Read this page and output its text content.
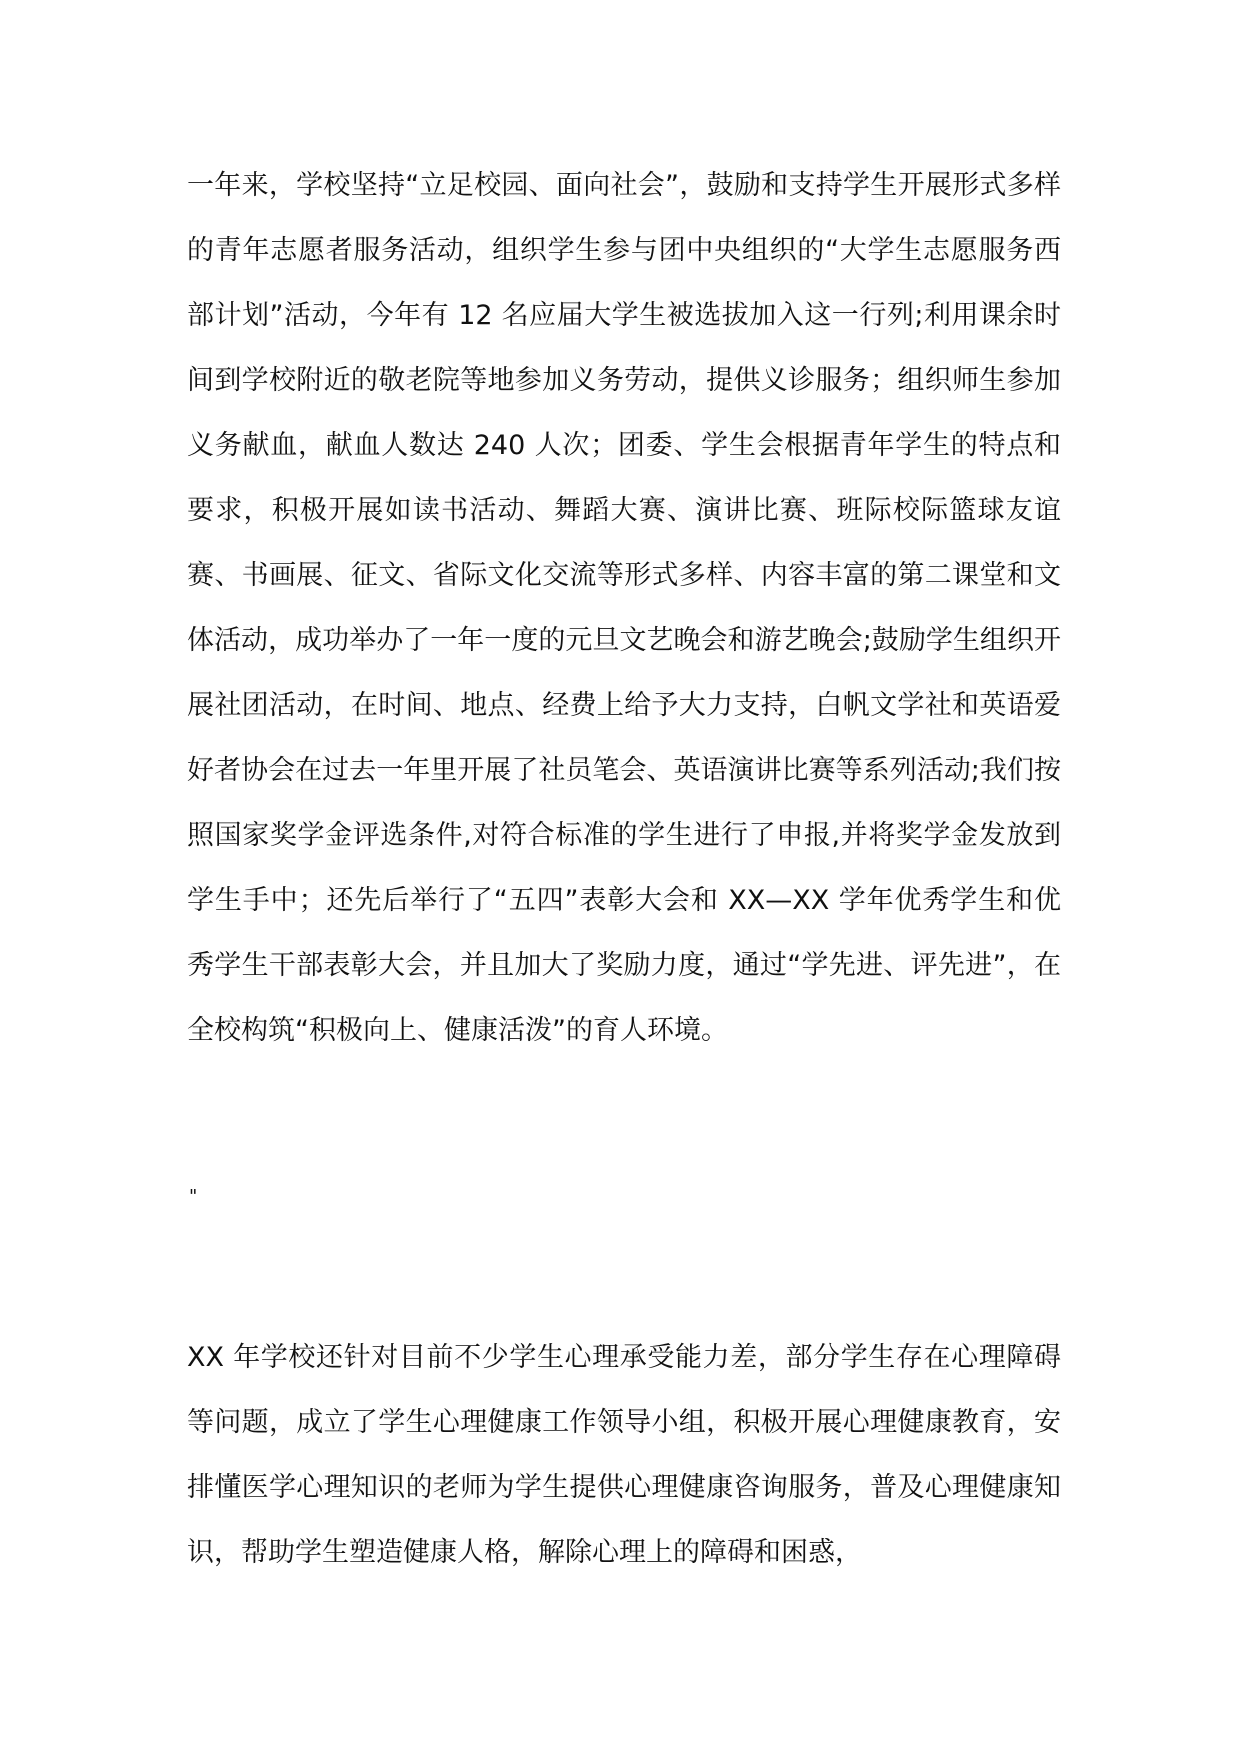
一年来，学校坚持“立足校园、面向社会”，鼓励和支持学生开展形式多样的青年志愿者服务活动，组织学生参与团中央组织的“大学生志愿服务西部计划”活动，今年有 12 名应届大学生被选拔加入这一行列;利用课余时间到学校附近的敬老院等地参加义务劳动，提供义诊服务；组织师生参加义务献血，献血人数达 240 人次；团委、学生会根据青年学生的特点和要求，积极开展如读书活动、舞蹈大赛、演讲比赛、班际校际篮球友谊赛、书画展、征文、省际文化交流等形式多样、内容丰富的第二课堂和文体活动，成功举办了一年一度的元旦文艺晚会和游艺晚会;鼓励学生组织开展社团活动，在时间、地点、经费上给予大力支持，白帆文学社和英语爱好者协会在过去一年里开展了社员笔会、英语演讲比赛等系列活动;我们按照国家奖学金评选条件,对符合标准的学生进行了申报,并将奖学金发放到学生手中；还先后举行了“五四”表彰大会和 XX—XX 学年优秀学生和优秀学生干部表彰大会，并且加大了奖励力度，通过“学先进、评先进”，在全校构筑“积极向上、健康活泼”的育人环境。

"

XX 年学校还针对目前不少学生心理承受能力差，部分学生存在心理障碍等问题，成立了学生心理健康工作领导小组，积极开展心理健康教育，安排懂医学心理知识的老师为学生提供心理健康咨询服务，普及心理健康知识，帮助学生塑造健康人格，解除心理上的障碍和困惑，
